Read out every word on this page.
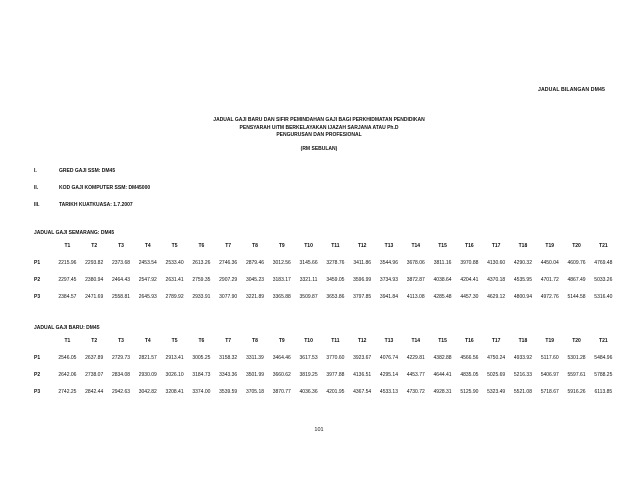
JADUAL BILANGAN DM45
JADUAL GAJI BARU DAN SIFIR PEMINDAHAN GAJI BAGI PERKHIDMATAN PENDIDIKAN
PENSYARAH UiTM BERKELAYAKAN IJAZAH SARJANA ATAU Ph.D
PENGURUSAN DAN PROFESIONAL
(RM SEBULAN)
I.	GRED GAJI SSM: DM45
II.	KOD GAJI KOMPUTER SSM: DM45000
III.	TARIKH KUATKUASA: 1.7.2007
JADUAL GAJI SEMARANG: DM45
	T1	T2	T3	T4	T5	T6	T7	T8	T9	T10	T11	T12	T13	T14	T15	T16	T17	T18	T19	T20	T21
P1	2215.96	2293.82	2373.68	2453.54	2533.40	2613.26	2746.36	2879.46	3012.56	3145.66	3278.76	3411.86	3544.96	3678.06	3811.16	3970.88	4130.60	4290.32	4450.04	4609.76	4769.48
P2	2297.45	2380.94	2464.43	2547.92	2631.41	2759.35	2907.29	3045.23	3183.17	3321.11	3459.05	3596.99	3734.93	3872.87	4038.64	4204.41	4370.18	4535.95	4701.72	4867.49	5033.26
P3	2384.57	2471.69	2558.81	2645.93	2789.92	2933.91	3077.90	3221.89	3365.88	3509.87	3653.86	3797.85	3941.84	4113.08	4285.48	4457.30	4629.12	4800.94	4972.76	5144.58	5316.40
JADUAL GAJI BARU: DM45
	T1	T2	T3	T4	T5	T6	T7	T8	T9	T10	T11	T12	T13	T14	T15	T16	T17	T18	T19	T20	T21
P1	2546.05	2637.89	2729.73	2821.57	2913.41	3005.25	3158.32	3311.39	3464.46	3617.53	3770.60	3923.67	4076.74	4229.81	4382.88	4566.56	4750.24	4933.92	5117.60	5301.28	5484.96
P2	2642.06	2738.07	2834.08	2930.09	3026.10	3184.73	3343.36	3501.99	3660.62	3819.25	3977.88	4136.51	4295.14	4453.77	4644.41	4835.05	5025.69	5216.33	5406.97	5597.61	5788.25
P3	2742.25	2842.44	2942.63	3042.82	3208.41	3374.00	3539.59	3705.18	3870.77	4036.36	4201.95	4367.54	4533.13	4730.72	4928.31	5125.90	5323.49	5521.08	5718.67	5916.26	6113.85
101
